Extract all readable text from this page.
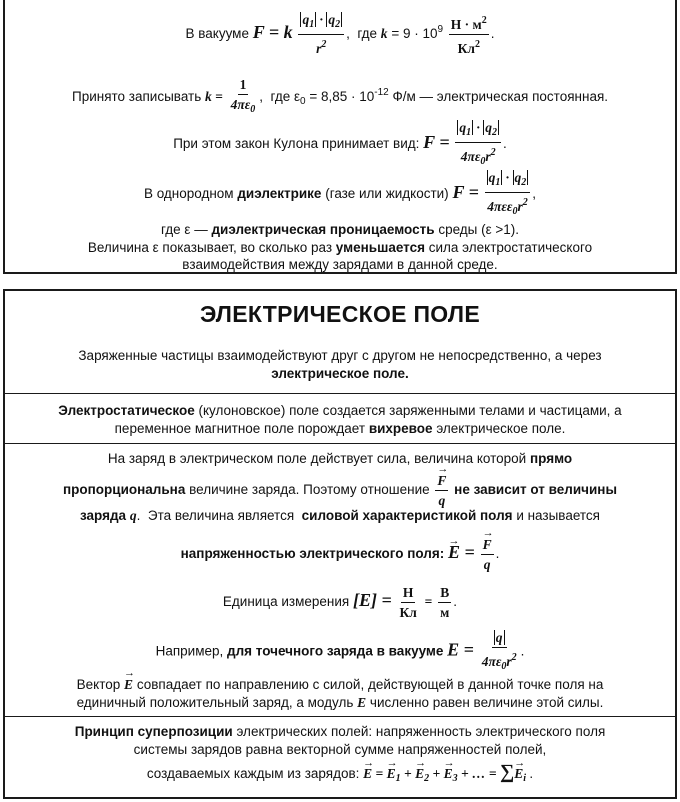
В вакууме F = k $\frac{q_1 \cdot q_2}{r^2}$ ,  где $k = 9 \cdot 10^9 \frac{Н \cdot м^2}{Кл^2}$ .
Принято записывать $k = \frac{1}{4\pi\varepsilon_0}$ ,  где $\varepsilon_0 = 8,85 \cdot 10^{-12}$ Ф/м — электрическая постоянная.
При этом закон Кулона принимает вид: $F = \frac{q_1 \cdot q_2}{4\pi\varepsilon_0r^2}$ .
В однородном диэлектрике (газе или жидкости) $F = \frac{q_1 \cdot q_2}{4\pi\varepsilon\varepsilon_0r^2}$ ,
где ε — диэлектрическая проницаемость среды (ε >1).
Величина ε показывает, во сколько раз уменьшается сила электростатического
взаимодействия между зарядами в данной среде.
ЭЛЕКТРИЧЕСКОЕ ПОЛЕ
Заряженные частицы взаимодействуют друг с другом не непосредственно, а через
электрическое поле.
Электростатическое (кулоновское) поле создается заряженными телами и частицами, а
переменное магнитное поле порождает вихревое электрическое поле.
На заряд в электрическом поле действует сила, величина которой прямо
пропорциональна величине заряда. Поэтому отношение → $\frac{F}{q}$ не зависит от величины
заряда q.  Эта величина является силовой характеристикой поля и называется
напряженностью электрического поля: → E = → $\frac{F}{q}$ .
Единица измерения $[E] = \frac{Н}{Кл} = \frac{В}{м}$ .
Например, для точечного заряда в вакууме $E = \frac{q}{4\pi\varepsilon_0r^2}$ .
Вектор → E совпадает по направлению с силой, действующей в данной точке поля на
единичный положительный заряд, а модуль E численно равен величине этой силы.
Принцип суперпозиции электрических полей: напряженность электрического поля
системы зарядов равна векторной сумме напряженностей полей,
создаваемых каждым из зарядов: → E = → $E_1$ + → $E_2$ + → $E_3$ + … = ∑→ $E_i$ .
